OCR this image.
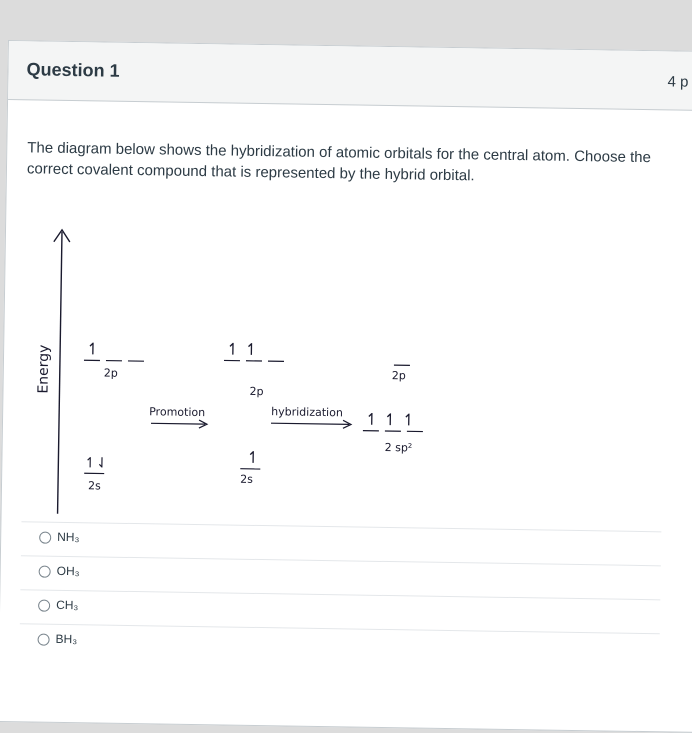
Question 1
4 p
The diagram below shows the hybridization of atomic orbitals for the central atom. Choose the correct covalent compound that is represented by the hybrid orbital.
Energy ↿
2p
↿⇃
2s
Promotion
↿ ↿
2p
↿
2s
hybridization
2p
↿ ↿ ↿
2 sp²
NH₃
OH₃
CH₃
BH₃
